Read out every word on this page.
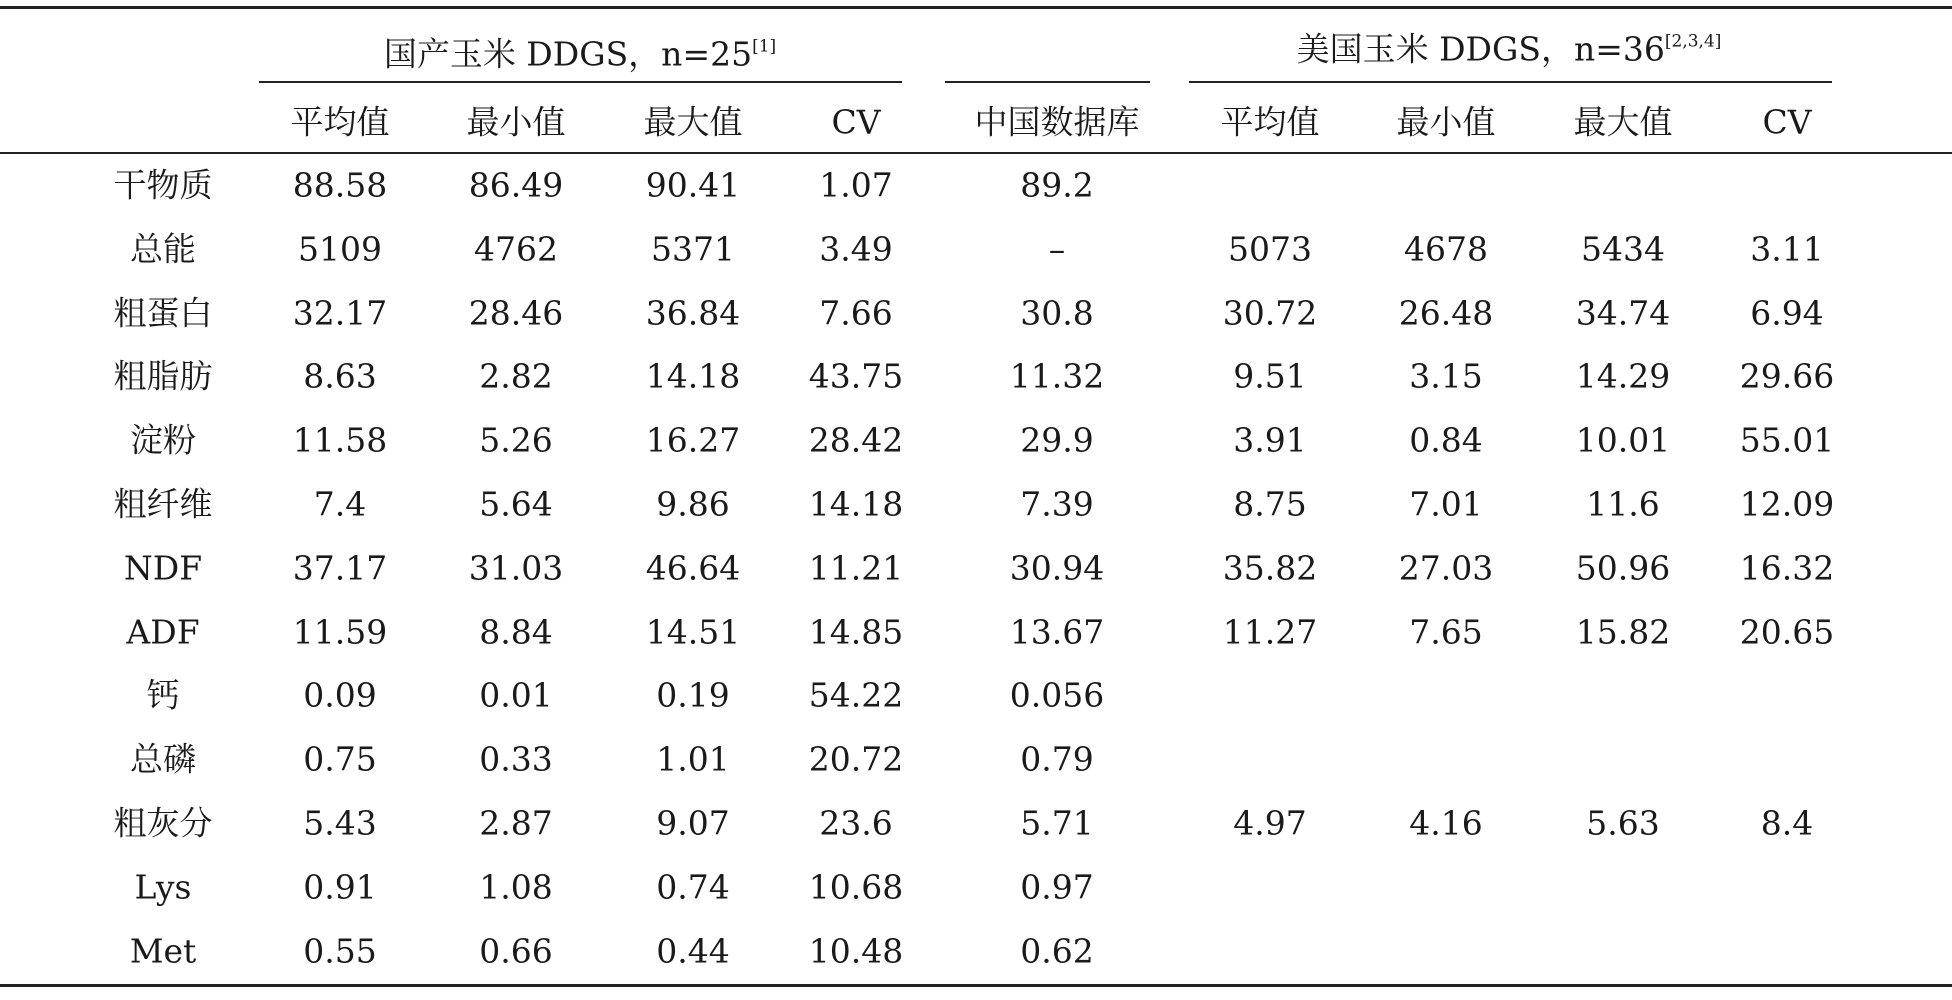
国产玉米 DDGS，n=25[1]	美国玉米 DDGS，n=36[2,3,4]
平均值 最小值 最大值	CV	中国数据库 平均值 最小值 最大值	CV
干物质 88.58 86.49	90.41 1.07	89.2
总能	5109	4762	5371	3.49	–	5073	4678	5434	3.11
粗蛋白 32.17 28.46	36.84 7.66	30.8	30.72 26.48	34.74 6.94
粗脂肪	8.63	2.82	14.18 43.75	11.32	9.51	3.15	14.29 29.66
淀粉	11.58	5.26	16.27 28.42	29.9	3.91	0.84	10.01 55.01
粗纤维	7.4	5.64	9.86 14.18	7.39	8.75	7.01	11.6 12.09
NDF	37.17 31.03	46.64 11.21	30.94	35.82 27.03	50.96 16.32
ADF	11.59	8.84	14.51 14.85	13.67	11.27	7.65	15.82 20.65
钙	0.09	0.01	0.19 54.22	0.056
总磷	0.75	0.33	1.01 20.72	0.79
粗灰分	5.43	2.87	9.07	23.6	5.71	4.97	4.16	5.63	8.4
Lys	0.91	1.08	0.74 10.68	0.97
Met	0.55	0.66	0.44 10.48	0.62
